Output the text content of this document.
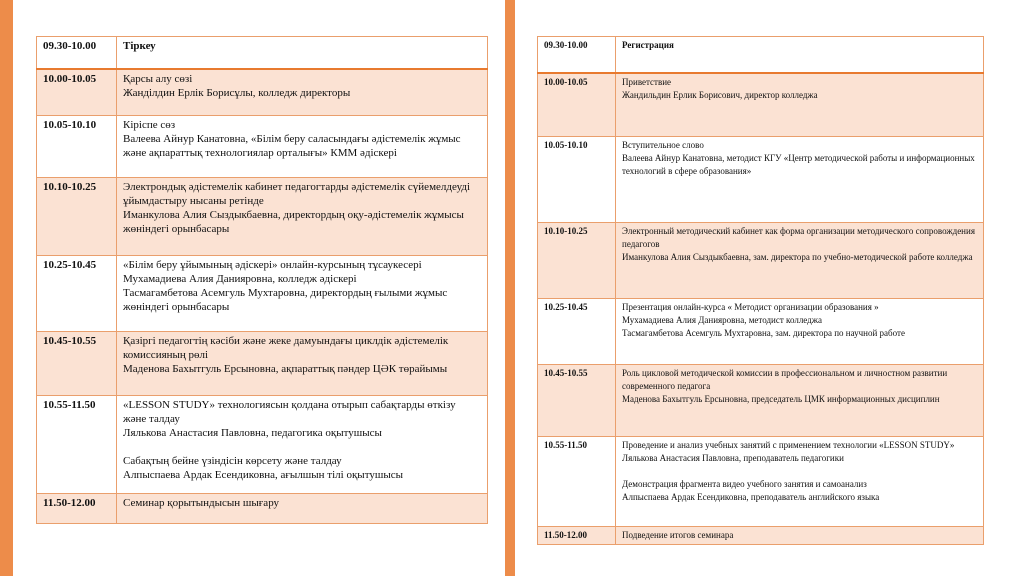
09.30-10.00	Тіркеу
10.00-10.05	Қарсы алу сөзі
Жанділдин Ерлік Борисұлы, колледж директоры
10.05-10.10	Кіріспе сөз
Валеева Айнур Канатовна, «Білім беру саласындағы әдістемелік жұмыс және ақпараттық технологиялар орталығы» КММ әдіскері
10.10-10.25	Электрондық әдістемелік кабинет педагогтарды әдістемелік сүйемелдеуді ұйымдастыру нысаны ретінде
Иманкулова Алия Сыздыкбаевна, директордың оқу-әдістемелік жұмысы жөніндегі орынбасары
10.25-10.45	«Білім беру ұйымының әдіскері» онлайн-курсының тұсаукесері
Мухамадиева Алия Данияровна, колледж әдіскері
Тасмагамбетова Асемгуль Мухтаровна, директордың ғылыми жұмыс жөніндегі орынбасары
10.45-10.55	Қазіргі педагогтің кәсіби және жеке дамуындағы циклдік әдістемелік комиссияның рөлі
Маденова Бахытгуль Ерсыновна, ақпараттық пәндер ЦӘК төрайымы
10.55-11.50	«LESSON STUDY» технологиясын қолдана отырып сабақтарды өткізу және талдау
Лялькова Анастасия Павловна, педагогика оқытушысы

Сабақтың бейне үзіндісін көрсету және талдау
Алпыспаева Ардак Есендиковна, ағылшын тілі оқытушысы
11.50-12.00	Семинар қорытындысын шығару
09.30-10.00	Регистрация
10.00-10.05	Приветствие
Жандильдин Ерлик Борисович, директор колледжа
10.05-10.10	Вступительное слово
Валеева Айнур Канатовна, методист КГУ «Центр методической работы и информационных технологий в сфере образования»
10.10-10.25	Электронный методический кабинет как форма организации методического сопровождения педагогов
Иманкулова Алия Сыздыкбаевна, зам. директора по учебно-методической работе колледжа
10.25-10.45	Презентация онлайн-курса « Методист организации образования »
Мухамадиева Алия Данияровна, методист колледжа
Тасмагамбетова Асемгуль Мухтаровна, зам. директора по научной работе
10.45-10.55	Роль цикловой методической комиссии в профессиональном и личностном развитии современного педагога
Маденова Бахытгуль Ерсыновна, председатель ЦМК информационных дисциплин
10.55-11.50	Проведение и анализ учебных занятий с применением технологии «LESSON STUDY»
Лялькова Анастасия Павловна, преподаватель педагогики

Демонстрация фрагмента видео учебного занятия и самоанализ
Алпыспаева Ардак Есендиковна, преподаватель английского языка
11.50-12.00	Подведение итогов семинара
